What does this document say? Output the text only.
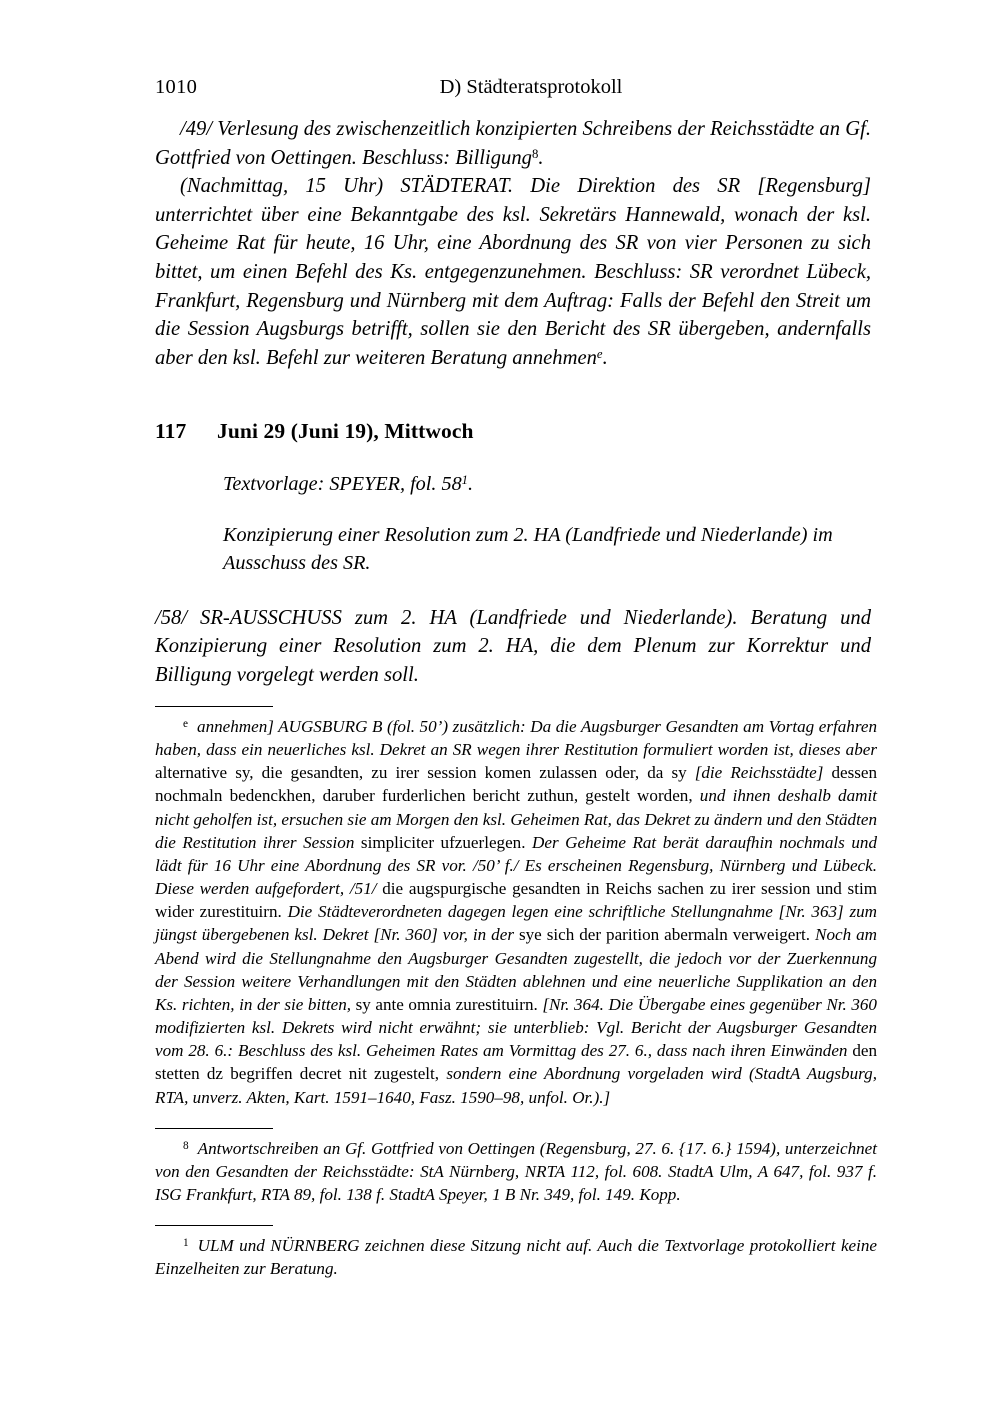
1010	D) Städteratsprotokoll

/49/ Verlesung des zwischenzeitlich konzipierten Schreibens der Reichsstädte an Gf. Gottfried von Oettingen. Beschluss: Billigung$^8$.

(Nachmittag, 15 Uhr) STÄDTERAT. Die Direktion des SR [Regensburg] unterrichtet über eine Bekanntgabe des ksl. Sekretärs Hannewald, wonach der ksl. Geheime Rat für heute, 16 Uhr, eine Abordnung des SR von vier Personen zu sich bittet, um einen Befehl des Ks. entgegenzunehmen. Beschluss: SR verordnet Lübeck, Frankfurt, Regensburg und Nürnberg mit dem Auftrag: Falls der Befehl den Streit um die Session Augsburgs betrifft, sollen sie den Bericht des SR übergeben, andernfalls aber den ksl. Befehl zur weiteren Beratung annehmen$^e$.

117 Juni 29 (Juni 19), Mittwoch

Textvorlage: SPEYER, fol. 58$^1$.

Konzipierung einer Resolution zum 2. HA (Landfriede und Niederlande) im Ausschuss des SR.

/58/ SR-AUSSCHUSS zum 2. HA (Landfriede und Niederlande). Beratung und Konzipierung einer Resolution zum 2. HA, die dem Plenum zur Korrektur und Billigung vorgelegt werden soll.

$^e$ annehmen] AUGSBURG B (fol. 50’) zusätzlich: Da die Augsburger Gesandten am Vortag erfahren haben, dass ein neuerliches ksl. Dekret an SR wegen ihrer Restitution formuliert worden ist, dieses aber alternative sy, die gesandten, zu irer session komen zulassen oder, da sy [die Reichsstädte] dessen nochmaln bedenckhen, daruber furderlichen bericht zuthun, gestelt worden, und ihnen deshalb damit nicht geholfen ist, ersuchen sie am Morgen den ksl. Geheimen Rat, das Dekret zu ändern und den Städten die Restitution ihrer Session simpliciter ufzuerlegen. Der Geheime Rat berät daraufhin nochmals und lädt für 16 Uhr eine Abordnung des SR vor. /50’ f./ Es erscheinen Regensburg, Nürnberg und Lübeck. Diese werden aufgefordert, /51/ die augspurgische gesandten in Reichs sachen zu irer session und stim wider zurestituirn. Die Städteverordneten dagegen legen eine schriftliche Stellungnahme [Nr. 363] zum jüngst übergebenen ksl. Dekret [Nr. 360] vor, in der sye sich der parition abermaln verweigert. Noch am Abend wird die Stellungnahme den Augsburger Gesandten zugestellt, die jedoch vor der Zuerkennung der Session weitere Verhandlungen mit den Städten ablehnen und eine neuerliche Supplikation an den Ks. richten, in der sie bitten, sy ante omnia zurestituirn. [Nr. 364. Die Übergabe eines gegenüber Nr. 360 modifizierten ksl. Dekrets wird nicht erwähnt; sie unterblieb: Vgl. Bericht der Augsburger Gesandten vom 28. 6.: Beschluss des ksl. Geheimen Rates am Vormittag des 27. 6., dass nach ihren Einwänden den stetten dz begriffen decret nit zugestelt, sondern eine Abordnung vorgeladen wird (StadtA Augsburg, RTA, unverz. Akten, Kart. 1591–1640, Fasz. 1590–98, unfol. Or.).]

$^8$ Antwortschreiben an Gf. Gottfried von Oettingen (Regensburg, 27. 6. {17. 6.} 1594), unterzeichnet von den Gesandten der Reichsstädte: StA Nürnberg, NRTA 112, fol. 608. StadtA Ulm, A 647, fol. 937 f. ISG Frankfurt, RTA 89, fol. 138 f. StadtA Speyer, 1 B Nr. 349, fol. 149. Kopp.

$^1$ ULM und NÜRNBERG zeichnen diese Sitzung nicht auf. Auch die Textvorlage protokolliert keine Einzelheiten zur Beratung.
